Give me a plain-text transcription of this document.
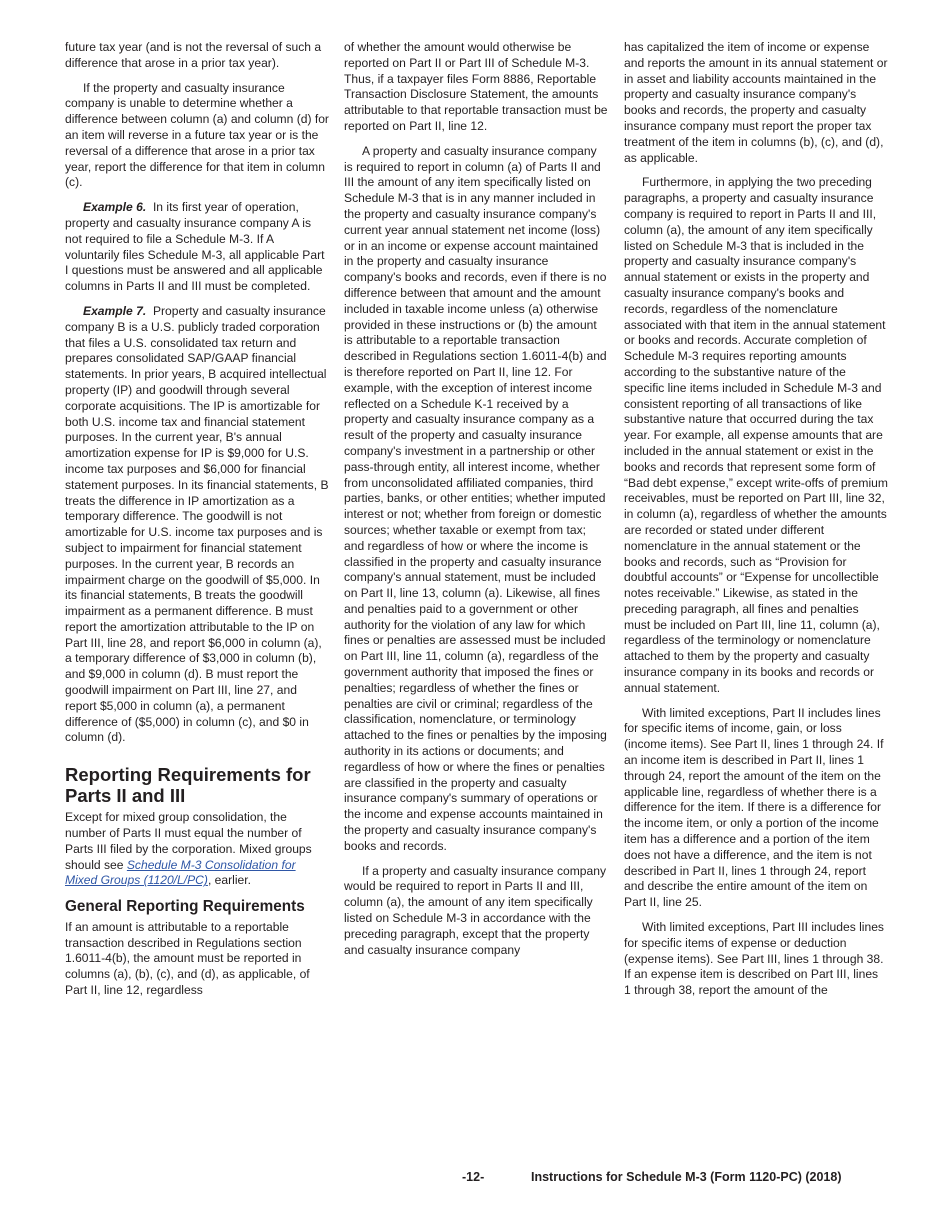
future tax year (and is not the reversal of such a difference that arose in a prior tax year).

If the property and casualty insurance company is unable to determine whether a difference between column (a) and column (d) for an item will reverse in a future tax year or is the reversal of a difference that arose in a prior tax year, report the difference for that item in column (c).

Example 6. In its first year of operation, property and casualty insurance company A is not required to file a Schedule M-3. If A voluntarily files Schedule M-3, all applicable Part I questions must be answered and all applicable columns in Parts II and III must be completed.

Example 7. Property and casualty insurance company B is a U.S. publicly traded corporation that files a U.S. consolidated tax return and prepares consolidated SAP/GAAP financial statements. In prior years, B acquired intellectual property (IP) and goodwill through several corporate acquisitions. The IP is amortizable for both U.S. income tax and financial statement purposes. In the current year, B's annual amortization expense for IP is $9,000 for U.S. income tax purposes and $6,000 for financial statement purposes. In its financial statements, B treats the difference in IP amortization as a temporary difference. The goodwill is not amortizable for U.S. income tax purposes and is subject to impairment for financial statement purposes. In the current year, B records an impairment charge on the goodwill of $5,000. In its financial statements, B treats the goodwill impairment as a permanent difference. B must report the amortization attributable to the IP on Part III, line 28, and report $6,000 in column (a), a temporary difference of $3,000 in column (b), and $9,000 in column (d). B must report the goodwill impairment on Part III, line 27, and report $5,000 in column (a), a permanent difference of ($5,000) in column (c), and $0 in column (d).

Reporting Requirements for Parts II and III

Except for mixed group consolidation, the number of Parts II must equal the number of Parts III filed by the corporation. Mixed groups should see Schedule M-3 Consolidation for Mixed Groups (1120/L/PC), earlier.

General Reporting Requirements

If an amount is attributable to a reportable transaction described in Regulations section 1.6011-4(b), the amount must be reported in columns (a), (b), (c), and (d), as applicable, of Part II, line 12, regardless

of whether the amount would otherwise be reported on Part II or Part III of Schedule M-3. Thus, if a taxpayer files Form 8886, Reportable Transaction Disclosure Statement, the amounts attributable to that reportable transaction must be reported on Part II, line 12.

A property and casualty insurance company is required to report in column (a) of Parts II and III the amount of any item specifically listed on Schedule M-3 that is in any manner included in the property and casualty insurance company's current year annual statement net income (loss) or in an income or expense account maintained in the property and casualty insurance company's books and records, even if there is no difference between that amount and the amount included in taxable income unless (a) otherwise provided in these instructions or (b) the amount is attributable to a reportable transaction described in Regulations section 1.6011-4(b) and is therefore reported on Part II, line 12. For example, with the exception of interest income reflected on a Schedule K-1 received by a property and casualty insurance company as a result of the property and casualty insurance company's investment in a partnership or other pass-through entity, all interest income, whether from unconsolidated affiliated companies, third parties, banks, or other entities; whether imputed interest or not; whether from foreign or domestic sources; whether taxable or exempt from tax; and regardless of how or where the income is classified in the property and casualty insurance company's annual statement, must be included on Part II, line 13, column (a). Likewise, all fines and penalties paid to a government or other authority for the violation of any law for which fines or penalties are assessed must be included on Part III, line 11, column (a), regardless of the government authority that imposed the fines or penalties; regardless of whether the fines or penalties are civil or criminal; regardless of the classification, nomenclature, or terminology attached to the fines or penalties by the imposing authority in its actions or documents; and regardless of how or where the fines or penalties are classified in the property and casualty insurance company's summary of operations or the income and expense accounts maintained in the property and casualty insurance company's books and records.

If a property and casualty insurance company would be required to report in Parts II and III, column (a), the amount of any item specifically listed on Schedule M-3 in accordance with the preceding paragraph, except that the property and casualty insurance company

has capitalized the item of income or expense and reports the amount in its annual statement or in asset and liability accounts maintained in the property and casualty insurance company's books and records, the property and casualty insurance company must report the proper tax treatment of the item in columns (b), (c), and (d), as applicable.

Furthermore, in applying the two preceding paragraphs, a property and casualty insurance company is required to report in Parts II and III, column (a), the amount of any item specifically listed on Schedule M-3 that is included in the property and casualty insurance company's annual statement or exists in the property and casualty insurance company's books and records, regardless of the nomenclature associated with that item in the annual statement or books and records. Accurate completion of Schedule M-3 requires reporting amounts according to the substantive nature of the specific line items included in Schedule M-3 and consistent reporting of all transactions of like substantive nature that occurred during the tax year. For example, all expense amounts that are included in the annual statement or exist in the books and records that represent some form of “Bad debt expense,” except write-offs of premium receivables, must be reported on Part III, line 32, in column (a), regardless of whether the amounts are recorded or stated under different nomenclature in the annual statement or the books and records, such as “Provision for doubtful accounts” or “Expense for uncollectible notes receivable.” Likewise, as stated in the preceding paragraph, all fines and penalties must be included on Part III, line 11, column (a), regardless of the terminology or nomenclature attached to them by the property and casualty insurance company in its books and records or annual statement.

With limited exceptions, Part II includes lines for specific items of income, gain, or loss (income items). See Part II, lines 1 through 24. If an income item is described in Part II, lines 1 through 24, report the amount of the item on the applicable line, regardless of whether there is a difference for the item. If there is a difference for the income item, or only a portion of the income item has a difference and a portion of the item does not have a difference, and the item is not described in Part II, lines 1 through 24, report and describe the entire amount of the item on Part II, line 25.

With limited exceptions, Part III includes lines for specific items of expense or deduction (expense items). See Part III, lines 1 through 38. If an expense item is described on Part III, lines 1 through 38, report the amount of the

-12-	Instructions for Schedule M-3 (Form 1120-PC) (2018)
